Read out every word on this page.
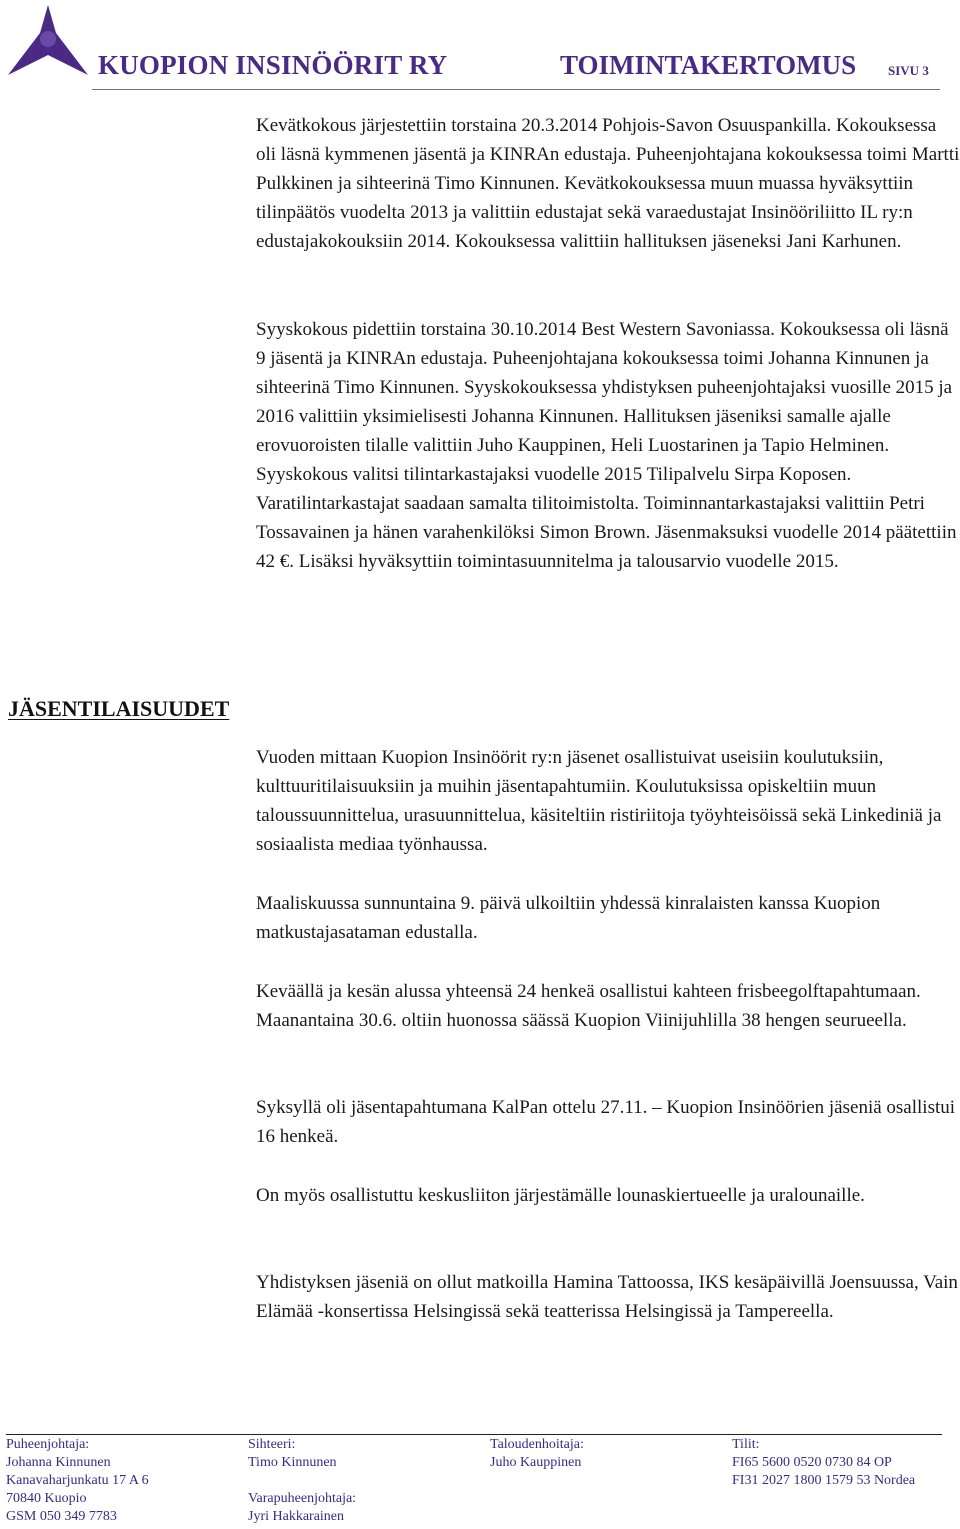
KUOPION INSINÖÖRIT RY	TOIMINTAKERTOMUS SIVU 3

Kevätkokous järjestettiin torstaina 20.3.2014 Pohjois-Savon Osuuspankilla. Kokouksessa oli läsnä kymmenen jäsentä ja KINRAn edustaja. Puheenjohtajana kokouksessa toimi Martti Pulkkinen ja sihteerinä Timo Kinnunen. Kevätkokouksessa muun muassa hyväksyttiin tilinpäätös vuodelta 2013 ja valittiin edustajat sekä varaedustajat Insinööriliitto IL ry:n edustajakokouksiin 2014. Kokouksessa valittiin hallituksen jäseneksi Jani Karhunen.

Syyskokous pidettiin torstaina 30.10.2014 Best Western Savoniassa. Kokouksessa oli läsnä 9 jäsentä ja KINRAn edustaja. Puheenjohtajana kokouksessa toimi Johanna Kinnunen ja sihteerinä Timo Kinnunen. Syyskokouksessa yhdistyksen puheenjohtajaksi vuosille 2015 ja 2016 valittiin yksimielisesti Johanna Kinnunen. Hallituksen jäseniksi samalle ajalle erovuoroisten tilalle valittiin Juho Kauppinen, Heli Luostarinen ja Tapio Helminen. Syyskokous valitsi tilintarkastajaksi vuodelle 2015 Tilipalvelu Sirpa Koposen. Varatilintarkastajat saadaan samalta tilitoimistolta. Toiminnantarkastajaksi valittiin Petri Tossavainen ja hänen varahenkilöksi Simon Brown. Jäsenmaksuksi vuodelle 2014 päätettiin 42 €. Lisäksi hyväksyttiin toimintasuunnitelma ja talousarvio vuodelle 2015.

JÄSENTILAISUUDET

Vuoden mittaan Kuopion Insinöörit ry:n jäsenet osallistuivat useisiin koulutuksiin, kulttuuritilaisuuksiin ja muihin jäsentapahtumiin. Koulutuksissa opiskeltiin muun taloussuunnittelua, urasuunnittelua, käsiteltiin ristiriitoja työyhteisöissä sekä Linkediniä ja sosiaalista mediaa työnhaussa.

Maaliskuussa sunnuntaina 9. päivä ulkoiltiin yhdessä kinralaisten kanssa Kuopion matkustajasataman edustalla.

Keväällä ja kesän alussa yhteensä 24 henkeä osallistui kahteen frisbeegolftapahtumaan. Maanantaina 30.6. oltiin huonossa säässä Kuopion Viinijuhlilla 38 hengen seurueella.

Syksyllä oli jäsentapahtumana KalPan ottelu 27.11. – Kuopion Insinöörien jäseniä osallistui 16 henkeä.

On myös osallistuttu keskusliiton järjestämälle lounaskiertueelle ja uralounaille.

Yhdistyksen jäseniä on ollut matkoilla Hamina Tattoossa, IKS kesäpäivillä Joensuussa, Vain Elämää -konsertissa Helsingissä sekä teatterissa Helsingissä ja Tampereella.

Puheenjohtaja:
Johanna Kinnunen
Kanavaharjunkatu 17 A 6
70840 Kuopio
GSM 050 349 7783
Sihteeri:
Timo Kinnunen
Varapuheenjohtaja:
Jyri Hakkarainen
Taloudenhoitaja:
Juho Kauppinen
Tilit:
FI65 5600 0520 0730 84 OP
FI31 2027 1800 1579 53 Nordea
